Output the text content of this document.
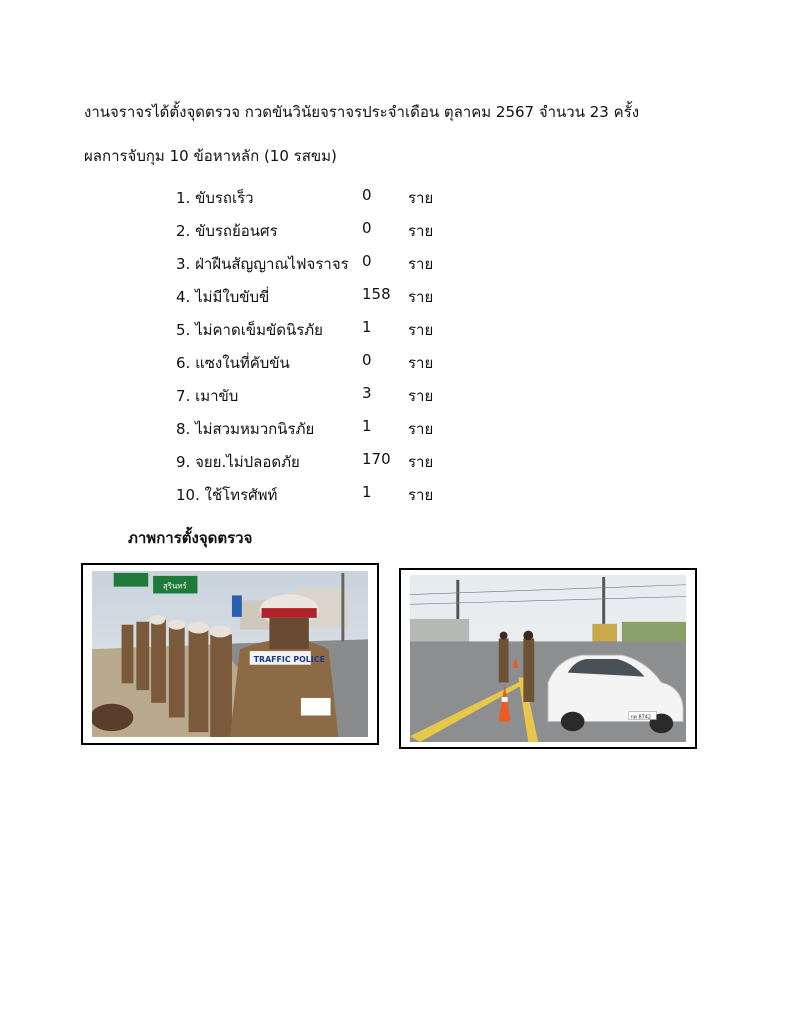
งานจราจรได้ตั้งจุดตรวจ กวดขันวินัยจราจรประจำเดือน ตุลาคม 2567 จำนวน 23 ครั้ง
ผลการจับกุม 10 ข้อหาหลัก (10 รสขม)
1. ขับรถเร็ว	0 ราย
2. ขับรถย้อนศร	0 ราย
3. ฝ่าฝืนสัญญาณไฟจราจร 0 ราย
4. ไม่มีใบขับขี่	158 ราย
5. ไม่คาดเข็มขัดนิรภัย	1 ราย
6. แซงในที่คับขัน	0 ราย
7. เมาขับ	3 ราย
8. ไม่สวมหมวกนิรภัย	1 ราย
9. จยย.ไม่ปลอดภัย	170 ราย
10. ใช้โทรศัพท์	1 ราย
ภาพการตั้งจุดตรวจ
สุรินทร์
TRAFFIC POLICE
กต 8742
